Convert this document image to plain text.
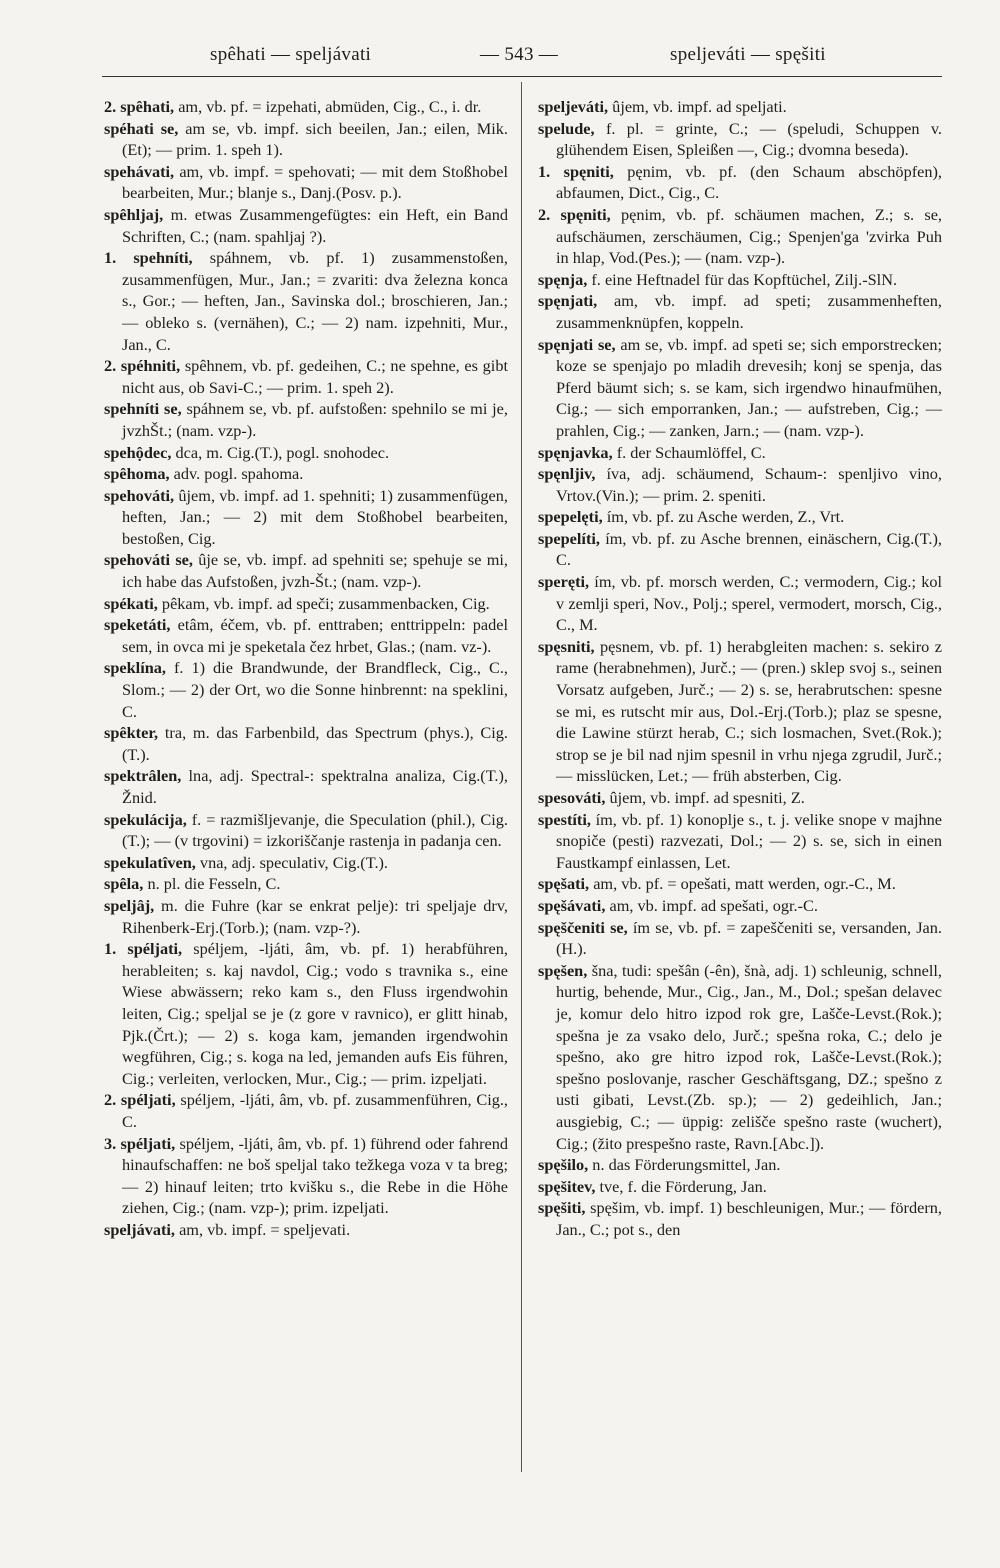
spêhati — speljávati	— 543 —	speljeváti — spęšiti

2. spêhati, am, vb. pf. = izpehati, abmüden, Cig., C., i. dr.

spéhati se, am se, vb. impf. sich beeilen, Jan.; eilen, Mik.(Et); — prim. 1. speh 1).

spehávati, am, vb. impf. = spehovati; — mit dem Stoßhobel bearbeiten, Mur.; blanje s., Danj.(Posv. p.).

spêhljaj, m. etwas Zusammengefügtes: ein Heft, ein Band Schriften, C.; (nam. spahljaj ?).

1. spehníti, spáhnem, vb. pf. 1) zusammenstoßen, zusammenfügen, Mur., Jan.; = zvariti: dva železna konca s., Gor.; — heften, Jan., Savinska dol.; broschieren, Jan.; — obleko s. (vernähen), C.; — 2) nam. izpehniti, Mur., Jan., C.

2. spéhniti, spêhnem, vb. pf. gedeihen, C.; ne spehne, es gibt nicht aus, ob Savi-C.; — prim. 1. speh 2).

spehníti se, spáhnem se, vb. pf. aufstoßen: spehnilo se mi je, jvzhŠt.; (nam. vzp-).

spehộdec, dca, m. Cig.(T.), pogl. snohodec.

spêhoma, adv. pogl. spahoma.

spehováti, ûjem, vb. impf. ad 1. spehniti; 1) zusammenfügen, heften, Jan.; — 2) mit dem Stoßhobel bearbeiten, bestoßen, Cig.

spehováti se, ûje se, vb. impf. ad spehniti se; spehuje se mi, ich habe das Aufstoßen, jvzh-Št.; (nam. vzp-).

spékati, pêkam, vb. impf. ad speči; zusammenbacken, Cig.

speketáti, etâm, éčem, vb. pf. enttraben; enttrippeln: padel sem, in ovca mi je speketala čez hrbet, Glas.; (nam. vz-).

speklína, f. 1) die Brandwunde, der Brandfleck, Cig., C., Slom.; — 2) der Ort, wo die Sonne hinbrennt: na speklini, C.

spêkter, tra, m. das Farbenbild, das Spectrum (phys.), Cig.(T.).

spektrâlen, lna, adj. Spectral-: spektralna analiza, Cig.(T.), Žnid.

spekulácija, f. = razmišljevanje, die Speculation (phil.), Cig.(T.); — (v trgovini) = izkoriščanje rastenja in padanja cen.

spekulatîven, vna, adj. speculativ, Cig.(T.).

spêla, n. pl. die Fesseln, C.

speljâj, m. die Fuhre (kar se enkrat pelje): tri speljaje drv, Rihenberk-Erj.(Torb.); (nam. vzp-?).

1. spéljati, spéljem, -ljáti, âm, vb. pf. 1) herabführen, herableiten; s. kaj navdol, Cig.; vodo s travnika s., eine Wiese abwässern; reko kam s., den Fluss irgendwohin leiten, Cig.; speljal se je (z gore v ravnico), er glitt hinab, Pjk.(Črt.); — 2) s. koga kam, jemanden irgendwohin wegführen, Cig.; s. koga na led, jemanden aufs Eis führen, Cig.; verleiten, verlocken, Mur., Cig.; — prim. izpeljati.

2. spéljati, spéljem, -ljáti, âm, vb. pf. zusammenführen, Cig., C.

3. spéljati, spéljem, -ljáti, âm, vb. pf. 1) führend oder fahrend hinaufschaffen: ne boš speljal tako težkega voza v ta breg; — 2) hinauf leiten; trto kvišku s., die Rebe in die Höhe ziehen, Cig.; (nam. vzp-); prim. izpeljati.

speljávati, am, vb. impf. = speljevati.

speljeváti, ûjem, vb. impf. ad speljati.

spelude, f. pl. = grinte, C.; — (speludi, Schuppen v. glühendem Eisen, Spleißen —, Cig.; dvomna beseda).

1. spęniti, pęnim, vb. pf. (den Schaum abschöpfen), abfaumen, Dict., Cig., C.

2. spęniti, pęnim, vb. pf. schäumen machen, Z.; s. se, aufschäumen, zerschäumen, Cig.; Spenjen'ga 'zvirka Puh in hlap, Vod.(Pes.); — (nam. vzp-).

spęnja, f. eine Heftnadel für das Kopftüchel, Zilj.-SlN.

spęnjati, am, vb. impf. ad speti; zusammenheften, zusammenknüpfen, koppeln.

spęnjati se, am se, vb. impf. ad speti se; sich emporstrecken; koze se spenjajo po mladih drevesih; konj se spenja, das Pferd bäumt sich; s. se kam, sich irgendwo hinaufmühen, Cig.; — sich emporranken, Jan.; — aufstreben, Cig.; — prahlen, Cig.; — zanken, Jarn.; — (nam. vzp-).

spęnjavka, f. der Schaumlöffel, C.

spęnljiv, íva, adj. schäumend, Schaum-: spenljivo vino, Vrtov.(Vin.); — prim. 2. speniti.

spepelęti, ím, vb. pf. zu Asche werden, Z., Vrt.

spepelíti, ím, vb. pf. zu Asche brennen, einäschern, Cig.(T.), C.

speręti, ím, vb. pf. morsch werden, C.; vermodern, Cig.; kol v zemlji speri, Nov., Polj.; sperel, vermodert, morsch, Cig., C., M.

spęsniti, pęsnem, vb. pf. 1) herabgleiten machen: s. sekiro z rame (herabnehmen), Jurč.; — (pren.) sklep svoj s., seinen Vorsatz aufgeben, Jurč.; — 2) s. se, herabrutschen: spesne se mi, es rutscht mir aus, Dol.-Erj.(Torb.); plaz se spesne, die Lawine stürzt herab, C.; sich losmachen, Svet.(Rok.); strop se je bil nad njim spesnil in vrhu njega zgrudil, Jurč.; — misslücken, Let.; — früh absterben, Cig.

spesováti, ûjem, vb. impf. ad spesniti, Z.

spestíti, ím, vb. pf. 1) konoplje s., t. j. velike snope v majhne snopiče (pesti) razvezati, Dol.; — 2) s. se, sich in einen Faustkampf einlassen, Let.

spęšati, am, vb. pf. = opešati, matt werden, ogr.-C., M.

spęšávati, am, vb. impf. ad spešati, ogr.-C.

spęščeniti se, ím se, vb. pf. = zapeščeniti se, versanden, Jan.(H.).

spęšen, šna, tudi: spešân (-ên), šnà, adj. 1) schleunig, schnell, hurtig, behende, Mur., Cig., Jan., M., Dol.; spešan delavec je, komur delo hitro izpod rok gre, Lašče-Levst.(Rok.); spešna je za vsako delo, Jurč.; spešna roka, C.; delo je spešno, ako gre hitro izpod rok, Lašče-Levst.(Rok.); spešno poslovanje, rascher Geschäftsgang, DZ.; spešno z usti gibati, Levst.(Zb. sp.); — 2) gedeihlich, Jan.; ausgiebig, C.; — üppig: zelišče spešno raste (wuchert), Cig.; (žito prespešno raste, Ravn.[Abc.]).

spęšilo, n. das Förderungsmittel, Jan.

spęšitev, tve, f. die Förderung, Jan.

spęšiti, spęšim, vb. impf. 1) beschleunigen, Mur.; — fördern, Jan., C.; pot s., den
